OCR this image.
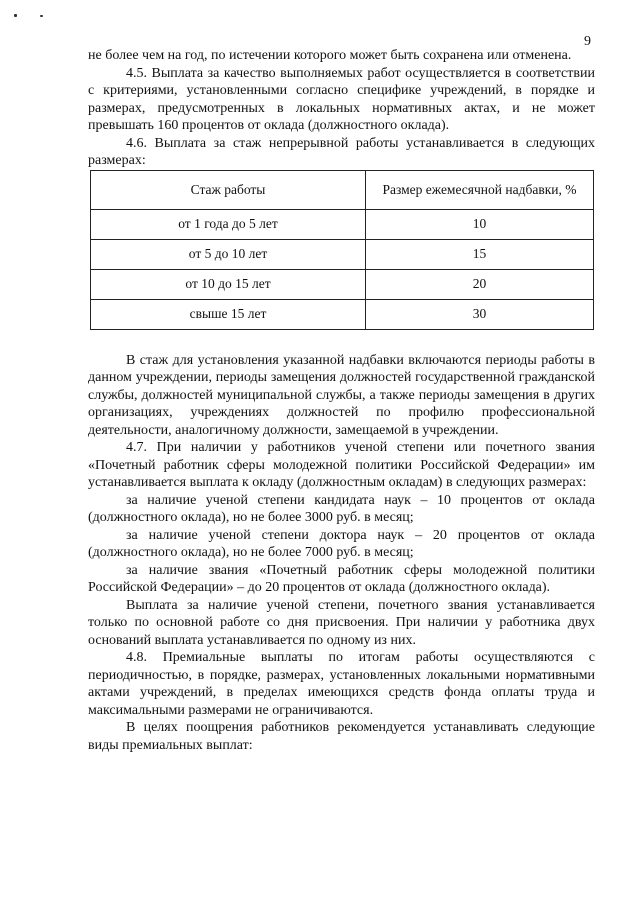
9

не более чем на год, по истечении которого может быть сохранена или отменена.

4.5. Выплата за качество выполняемых работ осуществляется в соответствии с критериями, установленными согласно специфике учреждений, в порядке и размерах, предусмотренных в локальных нормативных актах, и не может превышать 160 процентов от оклада (должностного оклада).

4.6. Выплата за стаж непрерывной работы устанавливается в следующих размерах:

Стаж работы	Размер ежемесячной надбавки, %
от 1 года до 5 лет	10
от 5 до 10 лет	15
от 10 до 15 лет	20
свыше 15 лет	30

В стаж для установления указанной надбавки включаются периоды работы в данном учреждении, периоды замещения должностей государственной гражданской службы, должностей муниципальной службы, а также периоды замещения в других организациях, учреждениях должностей по профилю профессиональной деятельности, аналогичному должности, замещаемой в учреждении.

4.7. При наличии у работников ученой степени или почетного звания «Почетный работник сферы молодежной политики Российской Федерации» им устанавливается выплата к окладу (должностным окладам) в следующих размерах:

за наличие ученой степени кандидата наук – 10 процентов от оклада (должностного оклада), но не более 3000 руб. в месяц;

за наличие ученой степени доктора наук – 20 процентов от оклада (должностного оклада), но не более 7000 руб. в месяц;

за наличие звания «Почетный работник сферы молодежной политики Российской Федерации» – до 20 процентов от оклада (должностного оклада).

Выплата за наличие ученой степени, почетного звания устанавливается только по основной работе со дня присвоения. При наличии у работника двух оснований выплата устанавливается по одному из них.

4.8. Премиальные выплаты по итогам работы осуществляются с периодичностью, в порядке, размерах, установленных локальными нормативными актами учреждений, в пределах имеющихся средств фонда оплаты труда и максимальными размерами не ограничиваются.

В целях поощрения работников рекомендуется устанавливать следующие виды премиальных выплат:
